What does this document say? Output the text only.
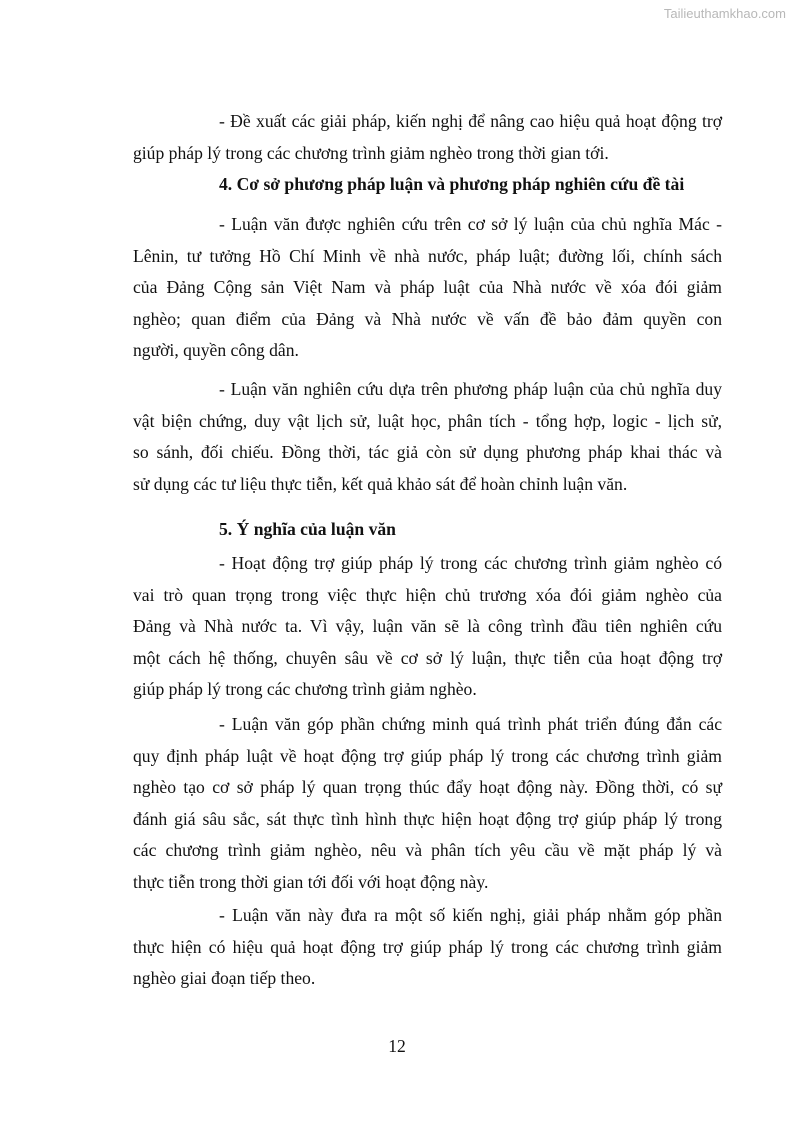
Tailieuthamkhao.com
- Đề xuất các giải pháp, kiến nghị để nâng cao hiệu quả hoạt động trợ
giúp pháp lý trong các chương trình giảm nghèo trong thời gian tới.
4. Cơ sở phương pháp luận và phương pháp nghiên cứu đề tài
- Luận văn được nghiên cứu trên cơ sở lý luận của chủ nghĩa Mác -
Lênin, tư tưởng Hồ Chí Minh về nhà nước, pháp luật; đường lối, chính sách
của Đảng Cộng sản Việt Nam và pháp luật của Nhà nước về xóa đói giảm
nghèo; quan điểm của Đảng và Nhà nước về vấn đề bảo đảm quyền con
người, quyền công dân.
- Luận văn nghiên cứu dựa trên phương pháp luận của chủ nghĩa duy
vật biện chứng, duy vật lịch sử, luật học, phân tích - tổng hợp, logic - lịch sử,
so sánh, đối chiếu. Đồng thời, tác giả còn sử dụng phương pháp khai thác và
sử dụng các tư liệu thực tiễn, kết quả khảo sát để hoàn chỉnh luận văn.
5. Ý nghĩa của luận văn
- Hoạt động trợ giúp pháp lý trong các chương trình giảm nghèo có
vai trò quan trọng trong việc thực hiện chủ trương xóa đói giảm nghèo của
Đảng và Nhà nước ta. Vì vậy, luận văn sẽ là công trình đầu tiên nghiên cứu
một cách hệ thống, chuyên sâu về cơ sở lý luận, thực tiễn của hoạt động trợ
giúp pháp lý trong các chương trình giảm nghèo.
- Luận văn góp phần chứng minh quá trình phát triển đúng đắn các
quy định pháp luật về hoạt động trợ giúp pháp lý trong các chương trình giảm
nghèo tạo cơ sở pháp lý quan trọng thúc đẩy hoạt động này. Đồng thời, có sự
đánh giá sâu sắc, sát thực tình hình thực hiện hoạt động trợ giúp pháp lý trong
các chương trình giảm nghèo, nêu và phân tích yêu cầu về mặt pháp lý và
thực tiễn trong thời gian tới đối với hoạt động này.
- Luận văn này đưa ra một số kiến nghị, giải pháp nhằm góp phần
thực hiện có hiệu quả hoạt động trợ giúp pháp lý trong các chương trình giảm
nghèo giai đoạn tiếp theo.
12
